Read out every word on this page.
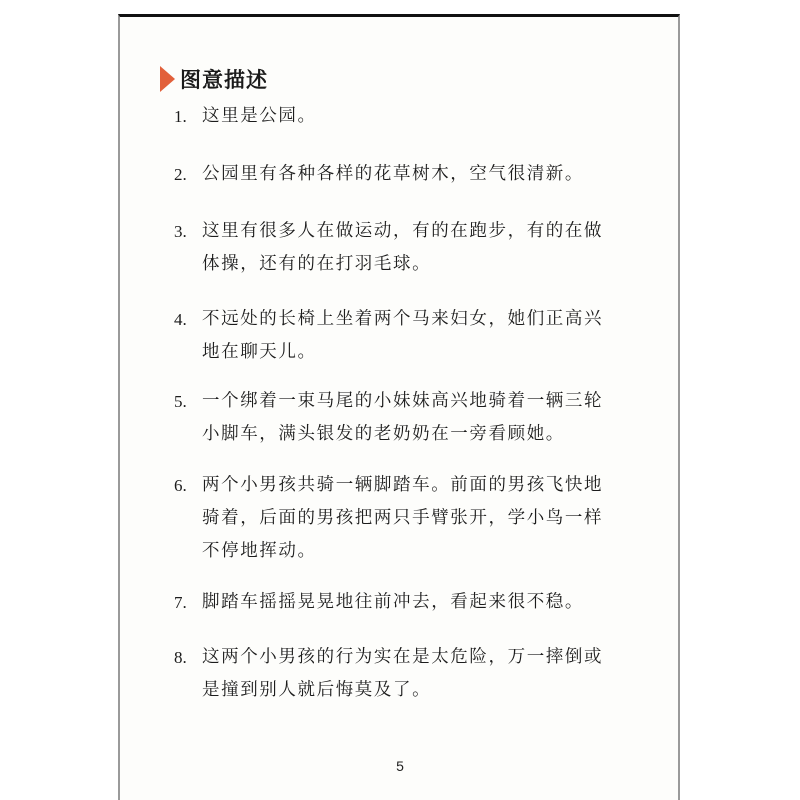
图意描述
1. 这里是公园。
2. 公园里有各种各样的花草树木，空气很清新。
3. 这里有很多人在做运动，有的在跑步，有的在做体操，还有的在打羽毛球。
4. 不远处的长椅上坐着两个马来妇女，她们正高兴地在聊天儿。
5. 一个绑着一束马尾的小妹妹高兴地骑着一辆三轮小脚车，满头银发的老奶奶在一旁看顾她。
6. 两个小男孩共骑一辆脚踏车。前面的男孩飞快地骑着，后面的男孩把两只手臂张开，学小鸟一样不停地挥动。
7. 脚踏车摇摇晃晃地往前冲去，看起来很不稳。
8. 这两个小男孩的行为实在是太危险，万一摔倒或是撞到别人就后悔莫及了。
5
